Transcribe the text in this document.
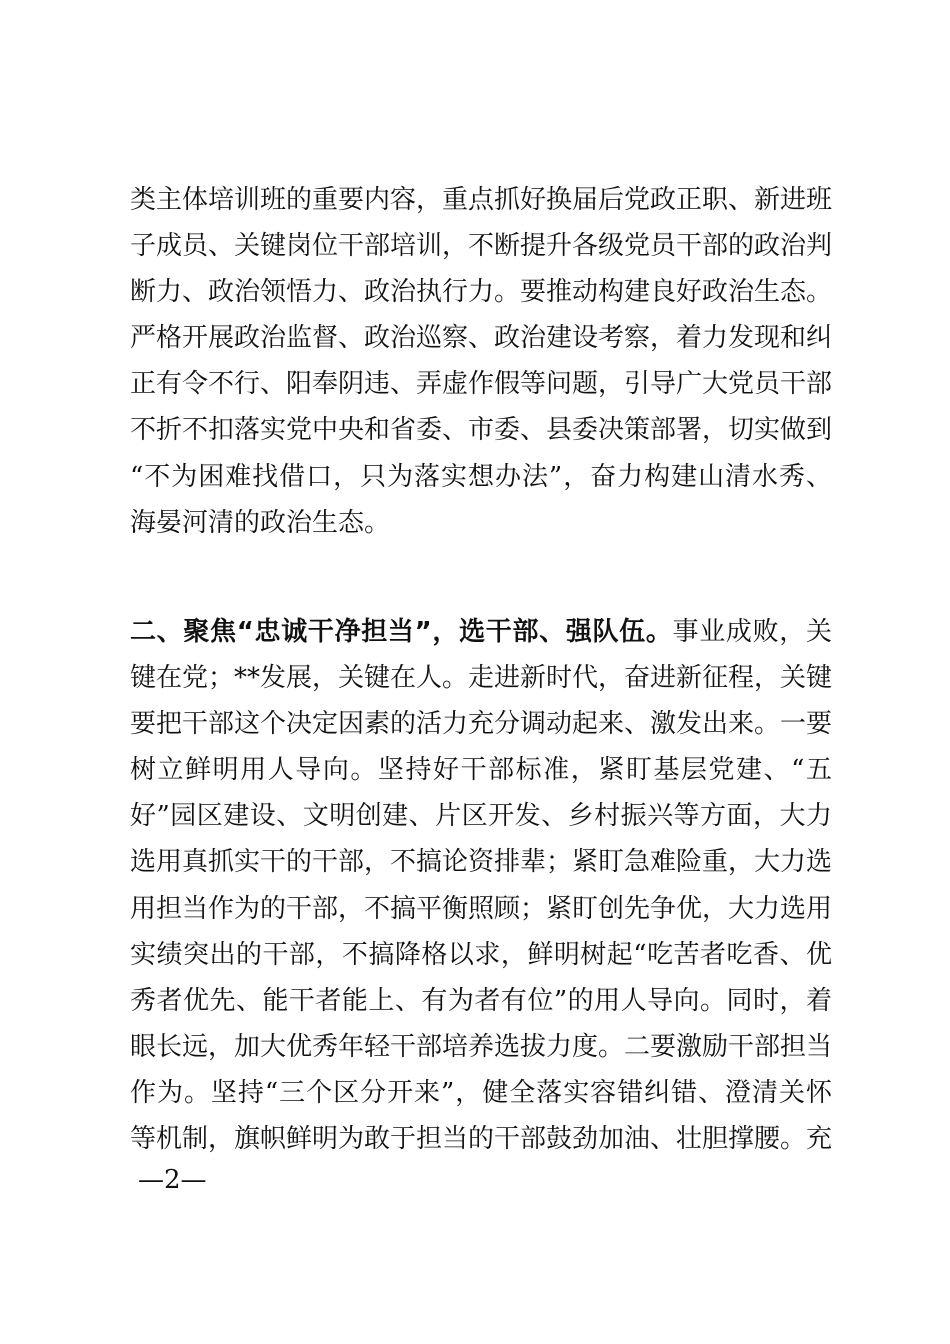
类主体培训班的重要内容，重点抓好换届后党政正职、新进班
子成员、关键岗位干部培训，不断提升各级党员干部的政治判
断力、政治领悟力、政治执行力。要推动构建良好政治生态。
严格开展政治监督、政治巡察、政治建设考察，着力发现和纠
正有令不行、阳奉阴违、弄虚作假等问题，引导广大党员干部
不折不扣落实党中央和省委、市委、县委决策部署，切实做到
“不为困难找借口，只为落实想办法”，奋力构建山清水秀、
海晏河清的政治生态。
二、聚焦“忠诚干净担当”，选干部、强队伍。事业成败，关
键在党；**发展，关键在人。走进新时代，奋进新征程，关键
要把干部这个决定因素的活力充分调动起来、激发出来。一要
树立鲜明用人导向。坚持好干部标准，紧盯基层党建、“五
好”园区建设、文明创建、片区开发、乡村振兴等方面，大力
选用真抓实干的干部，不搞论资排辈；紧盯急难险重，大力选
用担当作为的干部，不搞平衡照顾；紧盯创先争优，大力选用
实绩突出的干部，不搞降格以求，鲜明树起“吃苦者吃香、优
秀者优先、能干者能上、有为者有位”的用人导向。同时，着
眼长远，加大优秀年轻干部培养选拔力度。二要激励干部担当
作为。坚持“三个区分开来”，健全落实容错纠错、澄清关怀
等机制，旗帜鲜明为敢于担当的干部鼓劲加油、壮胆撑腰。充
—2—
